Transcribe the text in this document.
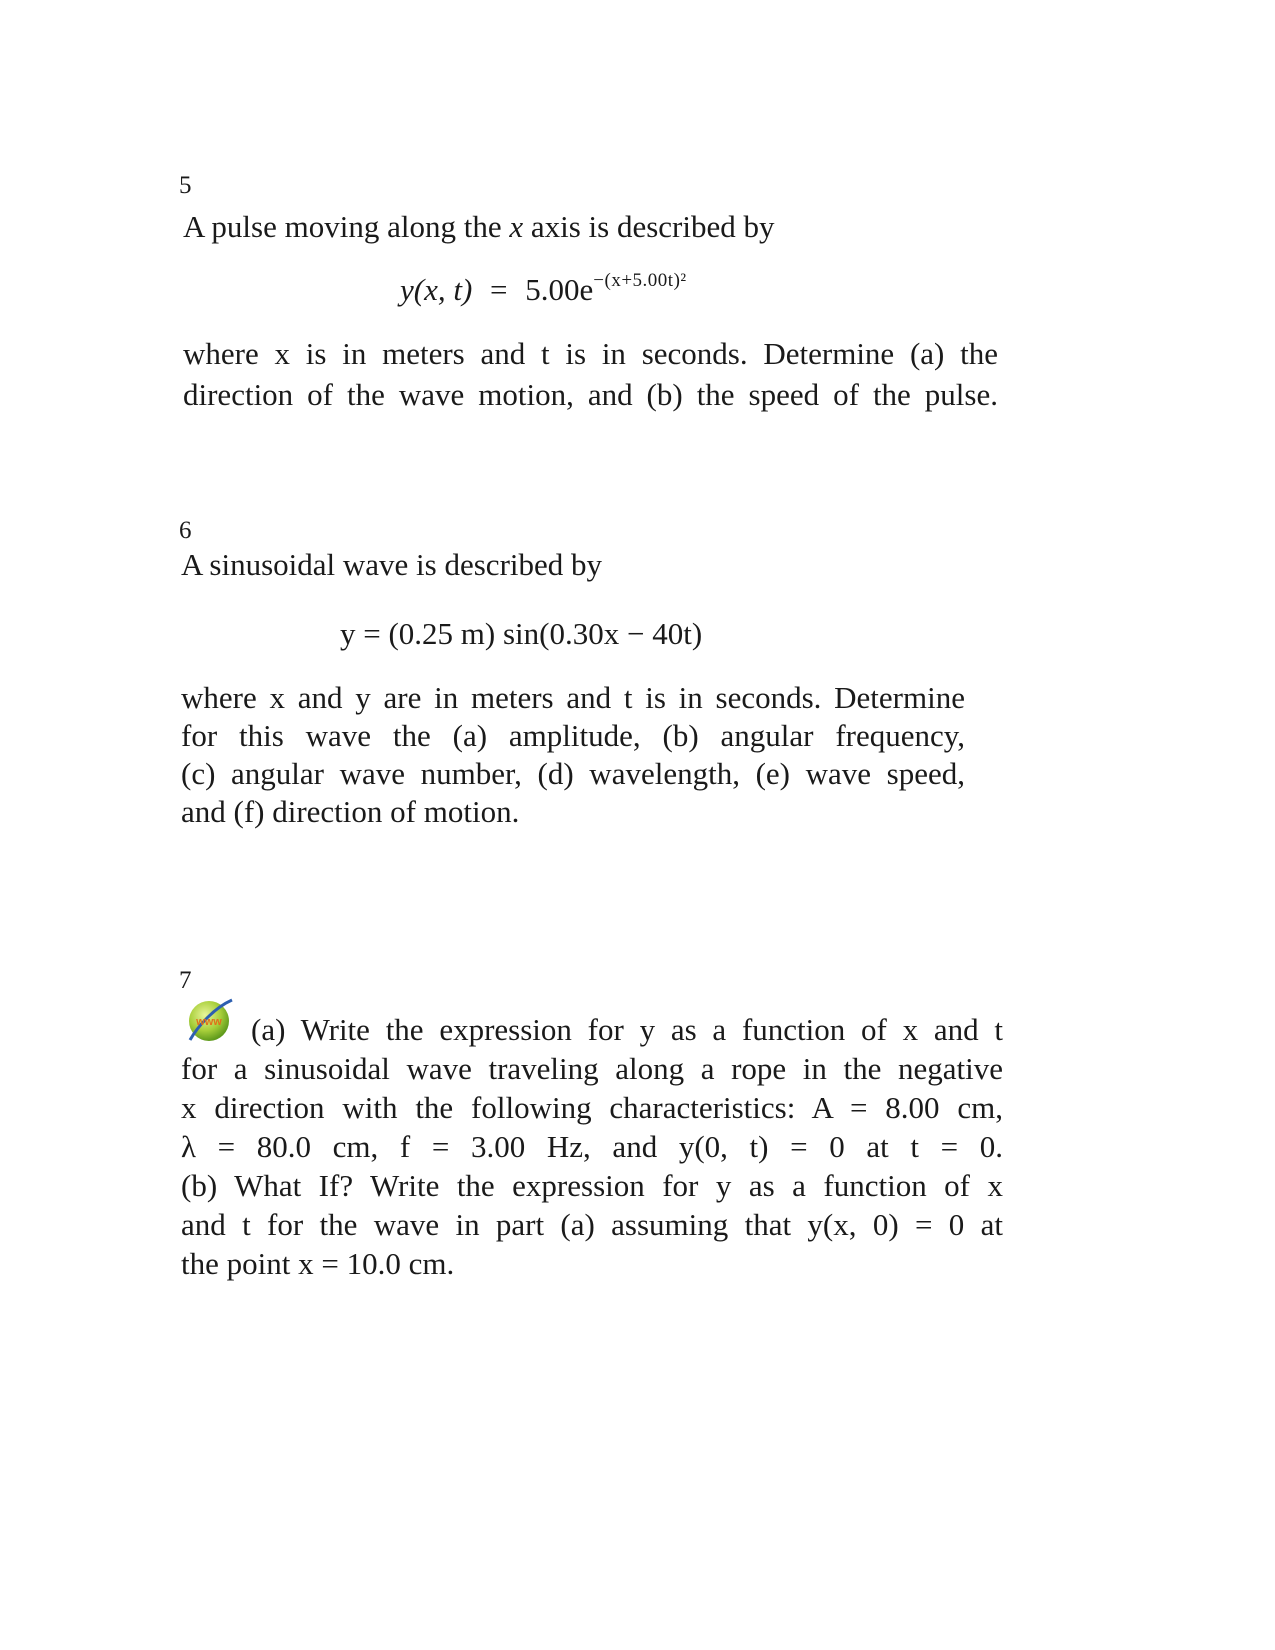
5
A pulse moving along the x axis is described by
y(x, $t) = 5.00e^{-(x+5.00t)^2}$
where x is in meters and t is in seconds. Determine (a) the
direction of the wave motion, and (b) the speed of the pulse.
6
A sinusoidal wave is described by
y = (0.25 m) sin(0.30x − 40t)
where x and y are in meters and t is in seconds. Determine
for this wave the (a) amplitude, (b) angular frequency,
(c) angular wave number, (d) wavelength, (e) wave speed,
and (f) direction of motion.
7
www (a) Write the expression for y as a function of x and t
for a sinusoidal wave traveling along a rope in the negative
x direction with the following characteristics: A = 8.00 cm,
λ = 80.0 cm, f = 3.00 Hz, and y(0, t) = 0 at t = 0.
(b) What If? Write the expression for y as a function of x
and t for the wave in part (a) assuming that y(x, 0) = 0 at
the point x = 10.0 cm.
